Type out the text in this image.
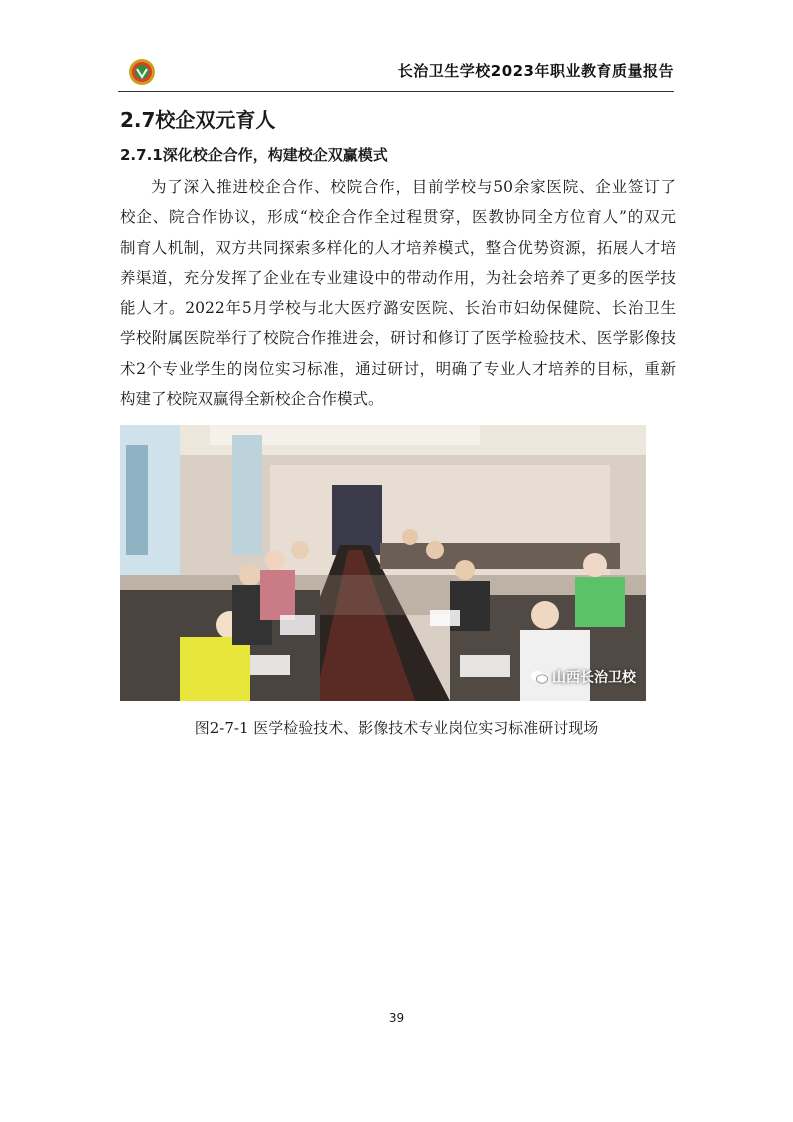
长治卫生学校2023年职业教育质量报告
2.7校企双元育人
2.7.1深化校企合作，构建校企双赢模式
为了深入推进校企合作、校院合作，目前学校与50余家医院、企业签订了
校企、院合作协议，形成“校企合作全过程贯穿，医教协同全方位育人”的双元
制育人机制，双方共同探索多样化的人才培养模式，整合优势资源，拓展人才培
养渠道，充分发挥了企业在专业建设中的带动作用，为社会培养了更多的医学技
能人才。2022年5月学校与北大医疗潞安医院、长治市妇幼保健院、长治卫生
学校附属医院举行了校院合作推进会，研讨和修订了医学检验技术、医学影像技
术2个专业学生的岗位实习标准，通过研讨，明确了专业人才培养的目标，重新
构建了校院双赢得全新校企合作模式。
山西长治卫校
图2-7-1 医学检验技术、影像技术专业岗位实习标准研讨现场
39
